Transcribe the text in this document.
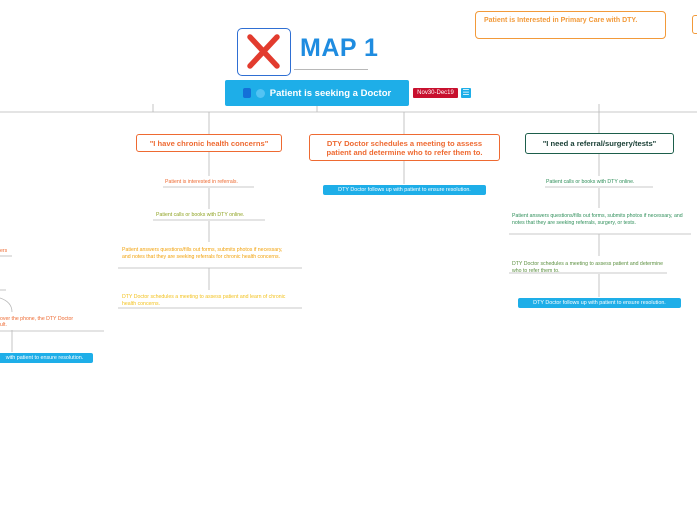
MAP 1
Patient is seeking a Doctor	Nov30-Dec19	☰
Patient is Interested in Primary Care with DTY.
ers
over the phone, the DTY Doctor
ult.
with patient to ensure resolution.
"I have chronic health concerns"
Patient is interested in referrals.
Patient calls or books with DTY online.
Patient answers questions/fills out forms, submits photos if necessary, and notes that they are seeking referrals for chronic health concerns.
DTY Doctor schedules a meeting to assess patient and learn of chronic health concerns.
DTY Doctor schedules a meeting to assess patient and determine who to refer them to.
DTY Doctor follows up with patient to ensure resolution.
"I need a referral/surgery/tests"
Patient calls or books with DTY online.
Patient answers questions/fills out forms, submits photos if necessary, and notes that they are seeking referrals, surgery, or tests.
DTY Doctor schedules a meeting to assess patient and determine who to refer them to.
DTY Doctor follows up with patient to ensure resolution.
